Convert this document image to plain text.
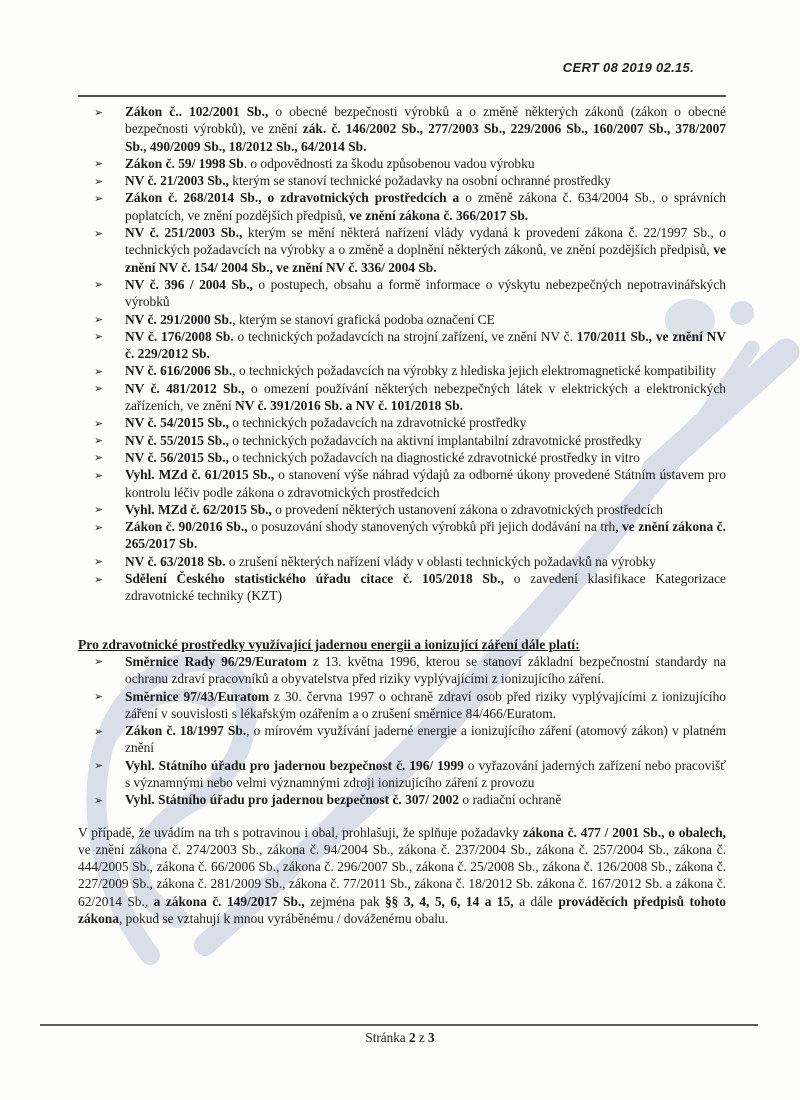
CERT 08 2019 02.15.
➢ Zákon č.. 102/2001 Sb., o obecné bezpečnosti výrobků a o změně některých zákonů (zákon o obecné bezpečnosti výrobků), ve znění zák. č. 146/2002 Sb., 277/2003 Sb., 229/2006 Sb., 160/2007 Sb., 378/2007 Sb., 490/2009 Sb., 18/2012 Sb., 64/2014 Sb.
➢ Zákon č. 59/ 1998 Sb. o odpovědnosti za škodu způsobenou vadou výrobku
➢ NV č. 21/2003 Sb., kterým se stanoví technické požadavky na osobní ochranné prostředky
➢ Zákon č. 268/2014 Sb., o zdravotnických prostředcích a o změně zákona č. 634/2004 Sb., o správních poplatcích, ve znění pozdějších předpisů, ve znění zákona č. 366/2017 Sb.
➢ NV č. 251/2003 Sb., kterým se mění některá nařízení vlády vydaná k provedení zákona č. 22/1997 Sb., o technických požadavcích na výrobky a o změně a doplnění některých zákonů, ve znění pozdějších předpisů, ve znění NV č. 154/ 2004 Sb., ve znění NV č. 336/ 2004 Sb.
➢ NV č. 396 / 2004 Sb., o postupech, obsahu a formě informace o výskytu nebezpečných nepotravinářských výrobků
➢ NV č. 291/2000 Sb., kterým se stanoví grafická podoba označení CE
➢ NV č. 176/2008 Sb. o technických požadavcích na strojní zařízení, ve znění NV č. 170/2011 Sb., ve znění NV č. 229/2012 Sb.
➢ NV č. 616/2006 Sb., o technických požadavcích na výrobky z hlediska jejich elektromagnetické kompatibility
➢ NV č. 481/2012 Sb., o omezení používání některých nebezpečných látek v elektrických a elektronických zařízeních, ve znění NV č. 391/2016 Sb. a NV č. 101/2018 Sb.
➢ NV č. 54/2015 Sb., o technických požadavcích na zdravotnické prostředky
➢ NV č. 55/2015 Sb., o technických požadavcích na aktivní implantabilní zdravotnické prostředky
➢ NV č. 56/2015 Sb., o technických požadavcích na diagnostické zdravotnické prostředky in vitro
➢ Vyhl. MZd č. 61/2015 Sb., o stanovení výše náhrad výdajů za odborné úkony provedené Státním ústavem pro kontrolu léčiv podle zákona o zdravotnických prostředcích
➢ Vyhl. MZd č. 62/2015 Sb., o provedení některých ustanovení zákona o zdravotnických prostředcích
➢ Zákon č. 90/2016 Sb., o posuzování shody stanovených výrobků při jejich dodávání na trh, ve znění zákona č. 265/2017 Sb.
➢ NV č. 63/2018 Sb. o zrušení některých nařízení vlády v oblasti technických požadavků na výrobky
➢ Sdělení Českého statistického úřadu citace č. 105/2018 Sb., o zavedení klasifikace Kategorizace zdravotnické techniky (KZT)
Pro zdravotnické prostředky využívající jadernou energii a ionizující záření dále platí:
➢ Směrnice Rady 96/29/Euratom z 13. května 1996, kterou se stanoví základní bezpečnostní standardy na ochranu zdraví pracovníků a obyvatelstva před riziky vyplývajícími z ionizujícího záření.
➢ Směrnice 97/43/Euratom z 30. června 1997 o ochraně zdraví osob před riziky vyplývajícími z ionizujícího záření v souvislosti s lékařským ozářením a o zrušení směrnice 84/466/Euratom.
➢ Zákon č. 18/1997 Sb., o mírovém využívání jaderné energie a ionizujícího záření (atomový zákon) v platném znění
➢ Vyhl. Státního úřadu pro jadernou bezpečnost č. 196/ 1999 o vyřazování jaderných zařízení nebo pracovišť s významnými nebo velmi významnými zdroji ionizujícího záření z provozu
➢ Vyhl. Státního úřadu pro jadernou bezpečnost č. 307/ 2002 o radiační ochraně
V případě, že uvádím na trh s potravinou i obal, prohlašuji, že splňuje požadavky zákona č. 477 / 2001 Sb., o obalech, ve znění zákona č. 274/2003 Sb., zákona č. 94/2004 Sb., zákona č. 237/2004 Sb., zákona č. 257/2004 Sb., zákona č. 444/2005 Sb., zákona č. 66/2006 Sb., zákona č. 296/2007 Sb., zákona č. 25/2008 Sb., zákona č. 126/2008 Sb., zákona č. 227/2009 Sb., zákona č. 281/2009 Sb., zákona č. 77/2011 Sb., zákona č. 18/2012 Sb. zákona č. 167/2012 Sb. a zákona č. 62/2014 Sb., a zákona č. 149/2017 Sb., zejména pak §§ 3, 4, 5, 6, 14 a 15, a dále prováděcích předpisů tohoto zákona, pokud se vztahují k mnou vyráběnému / dováženému obalu.
Stránka 2 z 3
